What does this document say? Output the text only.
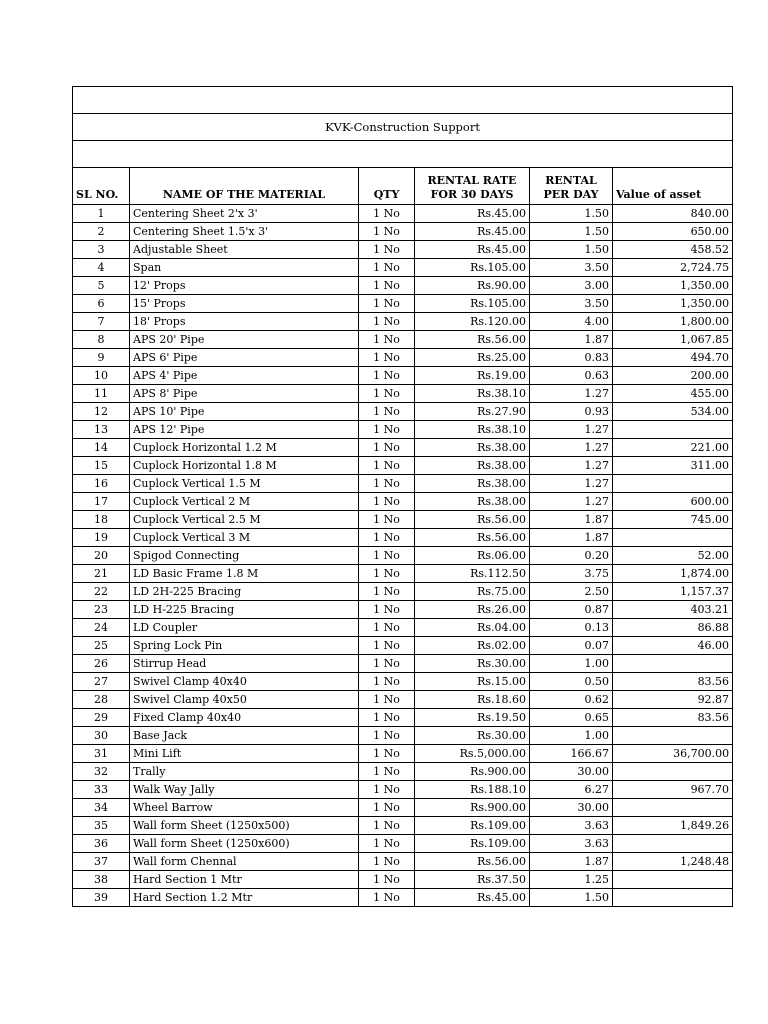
KVK-Construction Support					

SL NO.	NAME OF THE MATERIAL	QTY	RENTAL RATE FOR 30 DAYS	RENTAL PER DAY	Value of asset
1	Centering Sheet 2'x 3'	1 No	Rs.45.00	1.50	840.00
2	Centering Sheet 1.5'x 3'	1 No	Rs.45.00	1.50	650.00
3	Adjustable Sheet	1 No	Rs.45.00	1.50	458.52
4	Span	1 No	Rs.105.00	3.50	2,724.75
5	12' Props	1 No	Rs.90.00	3.00	1,350.00
6	15' Props	1 No	Rs.105.00	3.50	1,350.00
7	18' Props	1 No	Rs.120.00	4.00	1,800.00
8	APS 20' Pipe	1 No	Rs.56.00	1.87	1,067.85
9	APS 6' Pipe	1 No	Rs.25.00	0.83	494.70
10	APS 4' Pipe	1 No	Rs.19.00	0.63	200.00
11	APS 8' Pipe	1 No	Rs.38.10	1.27	455.00
12	APS 10' Pipe	1 No	Rs.27.90	0.93	534.00
13	APS 12' Pipe	1 No	Rs.38.10	1.27	
14	Cuplock Horizontal 1.2 M	1 No	Rs.38.00	1.27	221.00
15	Cuplock Horizontal 1.8 M	1 No	Rs.38.00	1.27	311.00
16	Cuplock Vertical 1.5 M	1 No	Rs.38.00	1.27	
17	Cuplock Vertical 2 M	1 No	Rs.38.00	1.27	600.00
18	Cuplock Vertical 2.5 M	1 No	Rs.56.00	1.87	745.00
19	Cuplock Vertical 3 M	1 No	Rs.56.00	1.87	
20	Spigod Connecting	1 No	Rs.06.00	0.20	52.00
21	LD Basic Frame 1.8 M	1 No	Rs.112.50	3.75	1,874.00
22	LD 2H-225 Bracing	1 No	Rs.75.00	2.50	1,157.37
23	LD H-225 Bracing	1 No	Rs.26.00	0.87	403.21
24	LD Coupler	1 No	Rs.04.00	0.13	86.88
25	Spring Lock Pin	1 No	Rs.02.00	0.07	46.00
26	Stirrup Head	1 No	Rs.30.00	1.00	
27	Swivel Clamp 40x40	1 No	Rs.15.00	0.50	83.56
28	Swivel Clamp 40x50	1 No	Rs.18.60	0.62	92.87
29	Fixed Clamp 40x40	1 No	Rs.19.50	0.65	83.56
30	Base Jack	1 No	Rs.30.00	1.00	
31	Mini Lift	1 No	Rs.5,000.00	166.67	36,700.00
32	Trally	1 No	Rs.900.00	30.00	
33	Walk Way Jally	1 No	Rs.188.10	6.27	967.70
34	Wheel Barrow	1 No	Rs.900.00	30.00	
35	Wall form Sheet (1250x500)	1 No	Rs.109.00	3.63	1,849.26
36	Wall form Sheet (1250x600)	1 No	Rs.109.00	3.63	
37	Wall form Chennal	1 No	Rs.56.00	1.87	1,248.48
38	Hard Section 1 Mtr	1 No	Rs.37.50	1.25	
39	Hard Section 1.2 Mtr	1 No	Rs.45.00	1.50	
